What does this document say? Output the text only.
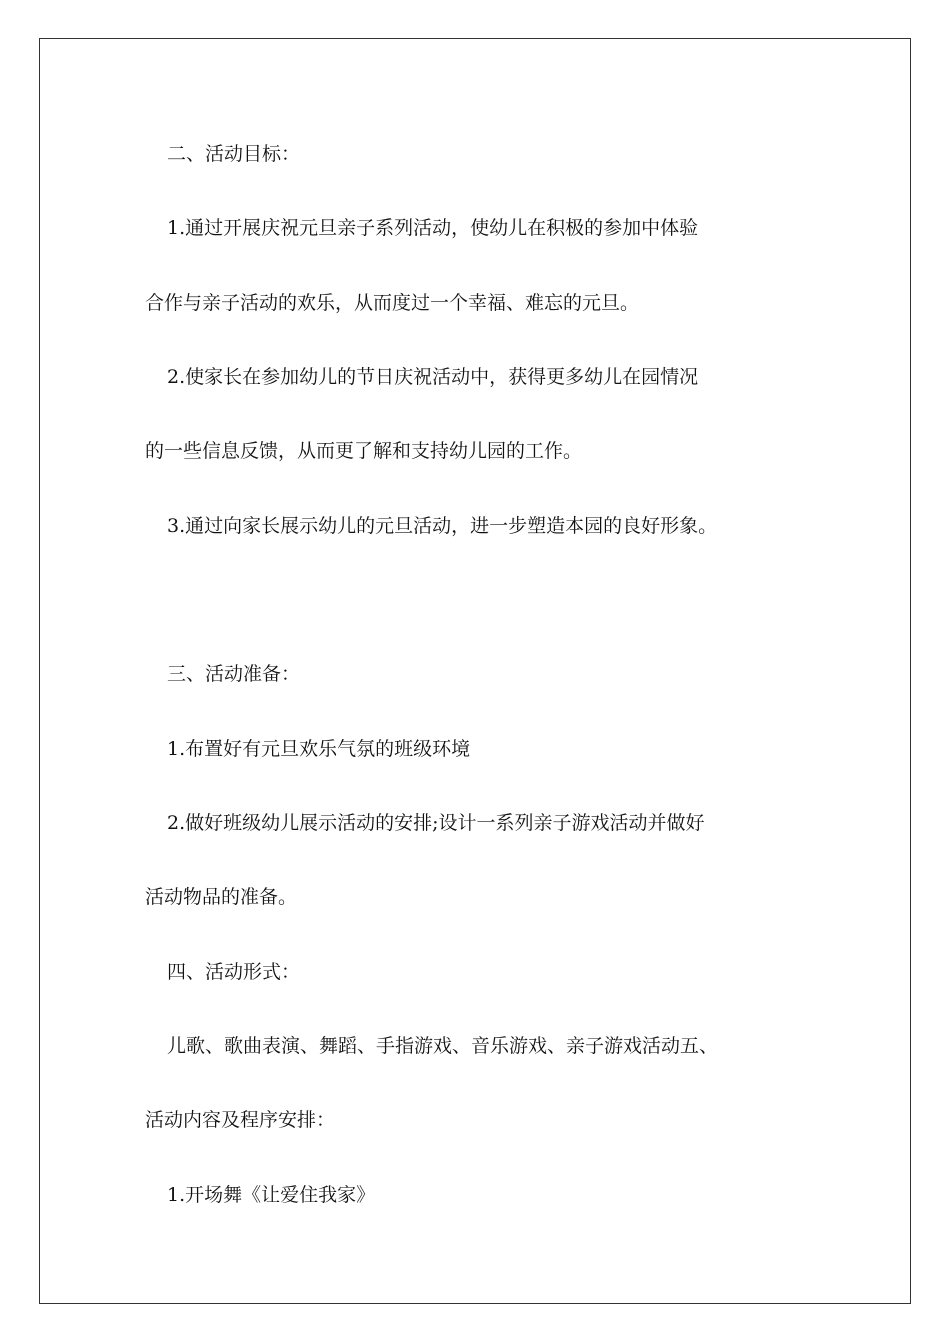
二、活动目标：

1.通过开展庆祝元旦亲子系列活动，使幼儿在积极的参加中体验

合作与亲子活动的欢乐，从而度过一个幸福、难忘的元旦。

2.使家长在参加幼儿的节日庆祝活动中，获得更多幼儿在园情况

的一些信息反馈，从而更了解和支持幼儿园的工作。

3.通过向家长展示幼儿的元旦活动，进一步塑造本园的良好形象。

三、活动准备：

1.布置好有元旦欢乐气氛的班级环境

2.做好班级幼儿展示活动的安排;设计一系列亲子游戏活动并做好

活动物品的准备。

四、活动形式：

儿歌、歌曲表演、舞蹈、手指游戏、音乐游戏、亲子游戏活动五、

活动内容及程序安排：

1.开场舞《让爱住我家》
